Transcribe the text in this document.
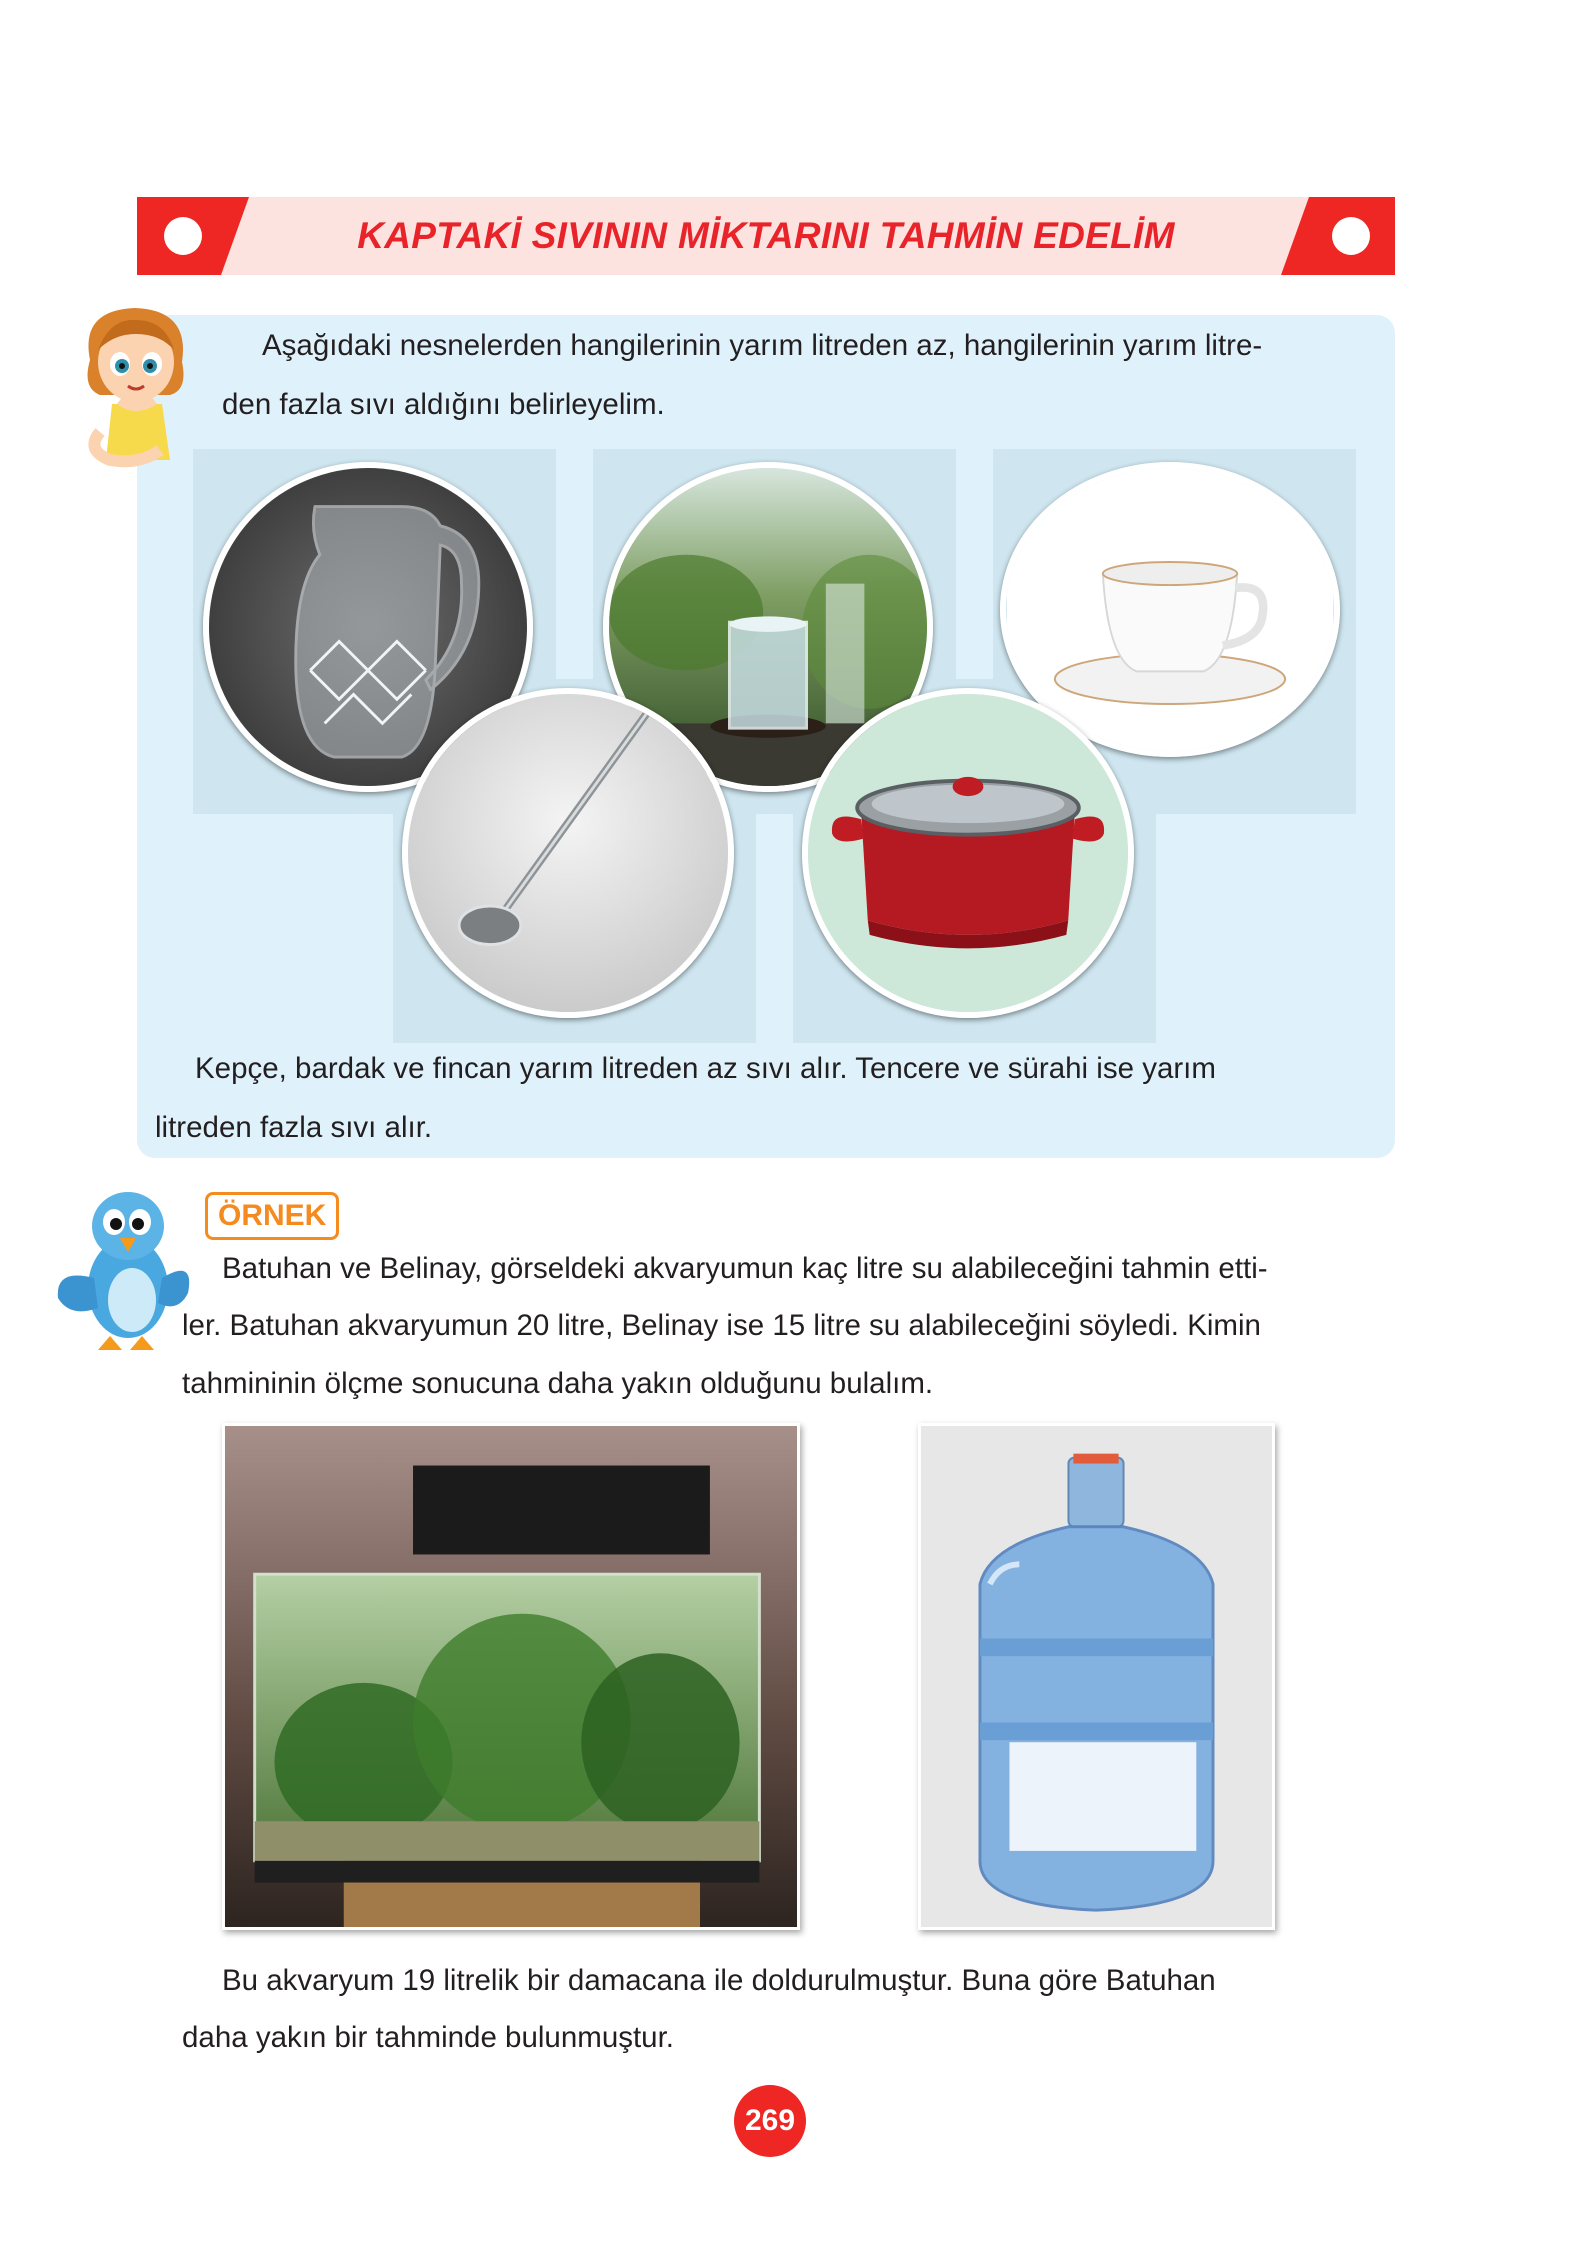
KAPTAKİ SIVININ MİKTARINI TAHMİN EDELİM
Aşağıdaki nesnelerden hangilerinin yarım litreden az, hangilerinin yarım litre-
den fazla sıvı aldığını belirleyelim.
Kepçe, bardak ve fincan yarım litreden az sıvı alır. Tencere ve sürahi ise yarım
litreden fazla sıvı alır.
ÖRNEK
Batuhan ve Belinay, görseldeki akvaryumun kaç litre su alabileceğini tahmin etti-
ler. Batuhan akvaryumun 20 litre, Belinay ise 15 litre su alabileceğini söyledi. Kimin
tahmininin ölçme sonucuna daha yakın olduğunu bulalım.
Bu akvaryum 19 litrelik bir damacana ile doldurulmuştur. Buna göre Batuhan
daha yakın bir tahminde bulunmuştur.
269
